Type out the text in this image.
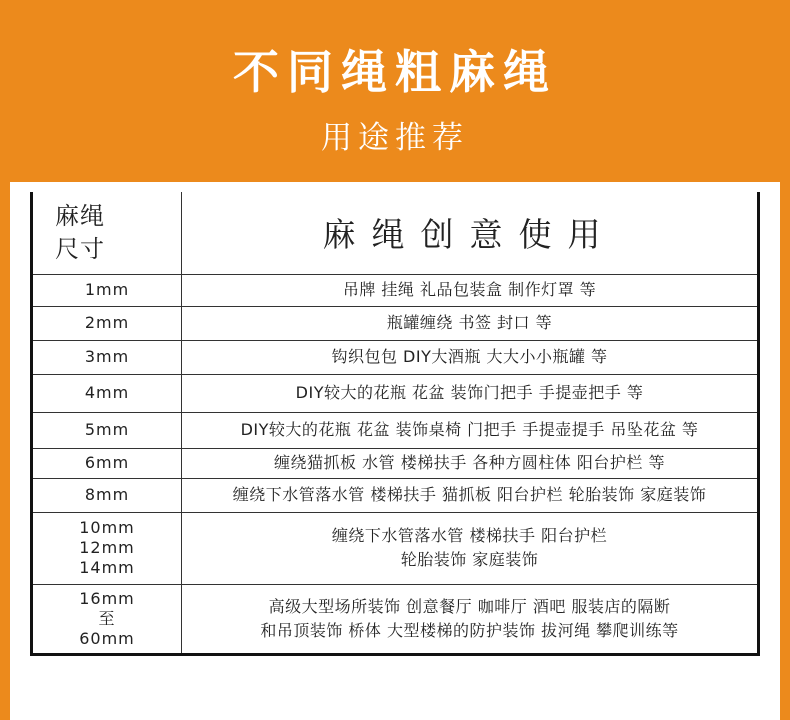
不同绳粗麻绳
用途推荐
麻绳
尺寸	麻绳创意使用

1mm	吊牌 挂绳 礼品包装盒 制作灯罩 等

2mm	瓶罐缠绕 书签 封口 等

3mm	钩织包包 DIY大酒瓶 大大小小瓶罐 等

4mm	DIY较大的花瓶 花盆 装饰门把手 手提壶把手 等

5mm	DIY较大的花瓶 花盆 装饰桌椅 门把手 手提壶提手 吊坠花盆 等

6mm	缠绕猫抓板 水管 楼梯扶手 各种方圆柱体 阳台护栏 等

8mm	缠绕下水管落水管 楼梯扶手 猫抓板 阳台护栏 轮胎装饰 家庭装饰

10mm
12mm
14mm	缠绕下水管落水管 楼梯扶手 阳台护栏
轮胎装饰 家庭装饰

16mm
至
60mm	高级大型场所装饰 创意餐厅 咖啡厅 酒吧 服装店的隔断
和吊顶装饰 桥体 大型楼梯的防护装饰 拔河绳 攀爬训练等
